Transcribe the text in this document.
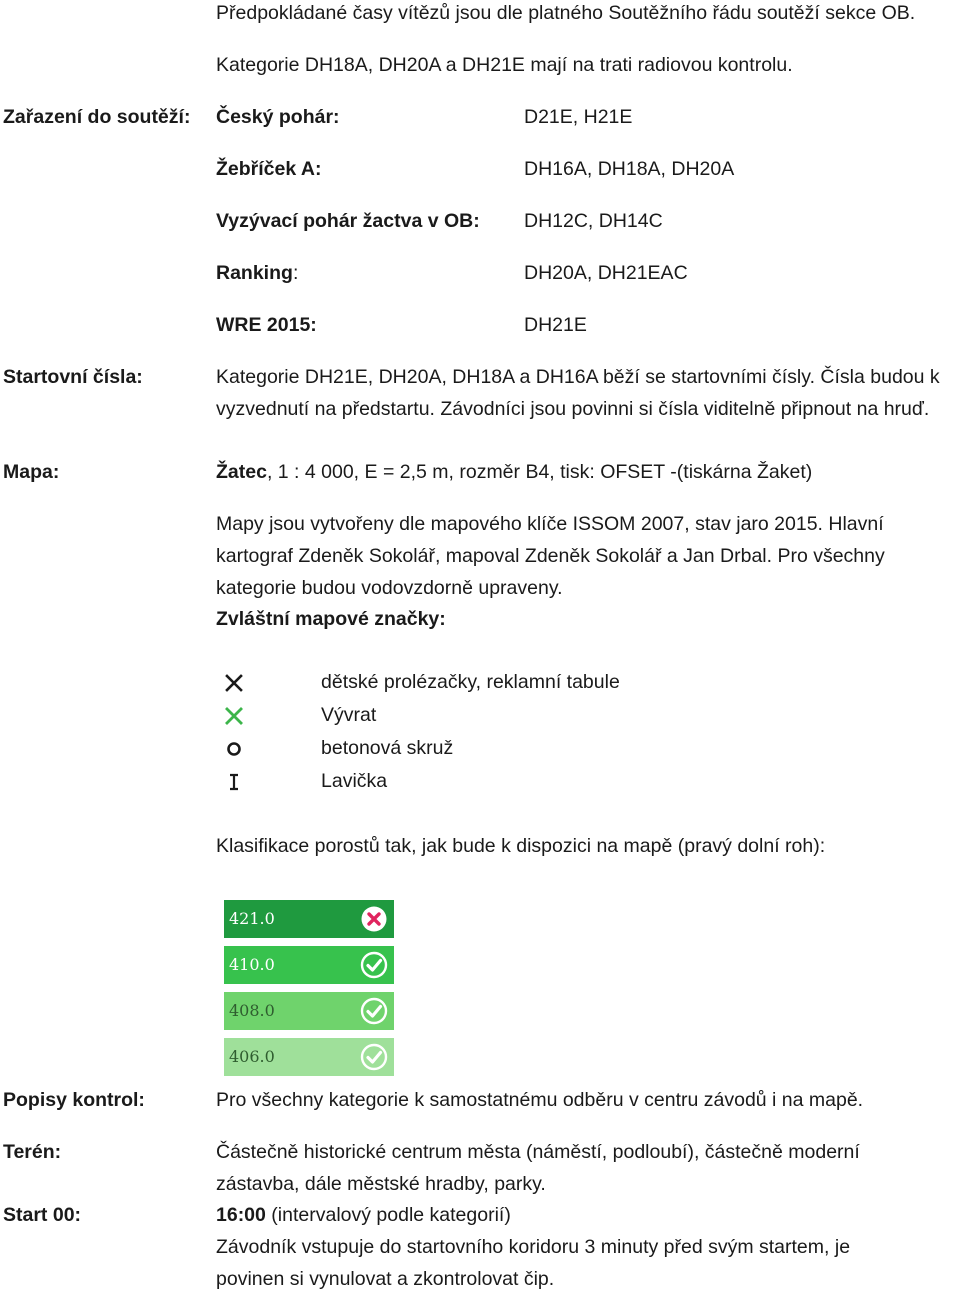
Předpokládané časy vítězů jsou dle platného Soutěžního řádu soutěží sekce OB.
Kategorie DH18A, DH20A a DH21E mají na trati radiovou kontrolu.
Zařazení do soutěží: Český pohár:	D21E, H21E
Žebříček A:	DH16A, DH18A, DH20A
Vyzývací pohár žactva v OB: DH12C, DH14C
Ranking:	DH20A, DH21EAC
WRE 2015:	DH21E
Startovní čísla:	Kategorie DH21E, DH20A, DH18A a DH16A běží se startovními čísly. Čísla budou k vyzvednutí na předstartu. Závodníci jsou povinni si čísla viditelně připnout na hruď.
Mapa:	Žatec, 1 : 4 000, E = 2,5 m, rozměr B4, tisk: OFSET -(tiskárna Žaket)
Mapy jsou vytvořeny dle mapového klíče ISSOM 2007, stav jaro 2015. Hlavní kartograf Zdeněk Sokolář, mapoval Zdeněk Sokolář a Jan Drbal. Pro všechny kategorie budou vodovzdorně upraveny.
Zvláštní mapové značky:
dětské prolézačky, reklamní tabule
Vývrat
betonová skruž
Lavička
Klasifikace porostů tak, jak bude k dispozici na mapě (pravý dolní roh):
421.0
410.0
408.0
406.0
Popisy kontrol:	Pro všechny kategorie k samostatnému odběru v centru závodů i na mapě.
Terén:	Částečně historické centrum města (náměstí, podloubí), částečně moderní zástavba, dále městské hradby, parky.
Start 00:	16:00 (intervalový podle kategorií)
Závodník vstupuje do startovního koridoru 3 minuty před svým startem, je povinen si vynulovat a zkontrolovat čip.
